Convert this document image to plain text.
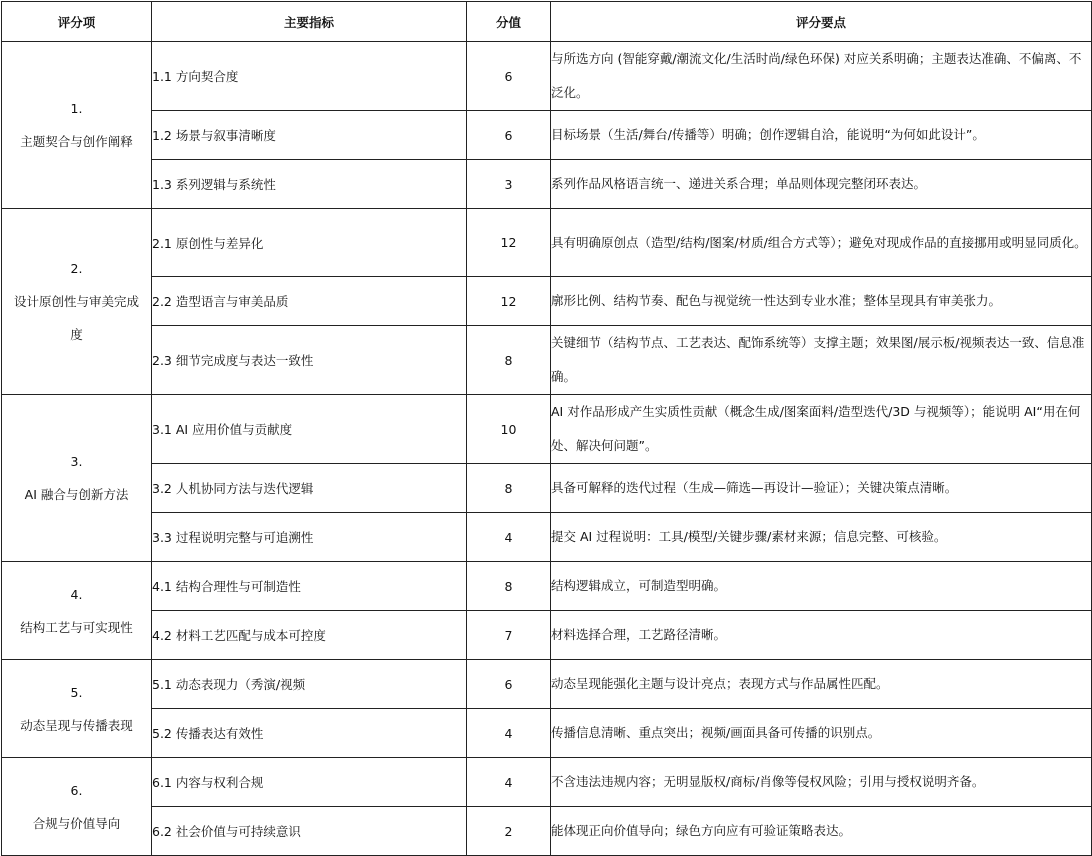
评分项	主要指标	分值	评分要点

1.
主题契合与创作阐释	1.1 方向契合度	6	与所选方向 (智能穿戴/潮流文化/生活时尚/绿色环保) 对应关系明确；主题表达准确、不偏离、不泛化。
	1.2 场景与叙事清晰度	6	目标场景（生活/舞台/传播等）明确；创作逻辑自洽，能说明“为何如此设计”。
	1.3 系列逻辑与系统性	3	系列作品风格语言统一、递进关系合理；单品则体现完整闭环表达。

2.
设计原创性与审美完成度	2.1 原创性与差异化	12	具有明确原创点（造型/结构/图案/材质/组合方式等）；避免对现成作品的直接挪用或明显同质化。
	2.2 造型语言与审美品质	12	廓形比例、结构节奏、配色与视觉统一性达到专业水准；整体呈现具有审美张力。
	2.3 细节完成度与表达一致性	8	关键细节（结构节点、工艺表达、配饰系统等）支撑主题；效果图/展示板/视频表达一致、信息准确。

3.
AI 融合与创新方法	3.1 AI 应用价值与贡献度	10	AI 对作品形成产生实质性贡献（概念生成/图案面料/造型迭代/3D 与视频等）；能说明 AI“用在何处、解决何问题”。
	3.2 人机协同方法与迭代逻辑	8	具备可解释的迭代过程（生成—筛选—再设计—验证）；关键决策点清晰。
	3.3 过程说明完整与可追溯性	4	提交 AI 过程说明：工具/模型/关键步骤/素材来源；信息完整、可核验。

4.
结构工艺与可实现性	4.1 结构合理性与可制造性	8	结构逻辑成立，可制造型明确。
	4.2 材料工艺匹配与成本可控度	7	材料选择合理，工艺路径清晰。

5.
动态呈现与传播表现	5.1 动态表现力（秀演/视频	6	动态呈现能强化主题与设计亮点；表现方式与作品属性匹配。
	5.2 传播表达有效性	4	传播信息清晰、重点突出；视频/画面具备可传播的识别点。

6.
合规与价值导向	6.1 内容与权利合规	4	不含违法违规内容；无明显版权/商标/肖像等侵权风险；引用与授权说明齐备。
	6.2 社会价值与可持续意识	2	能体现正向价值导向；绿色方向应有可验证策略表达。
